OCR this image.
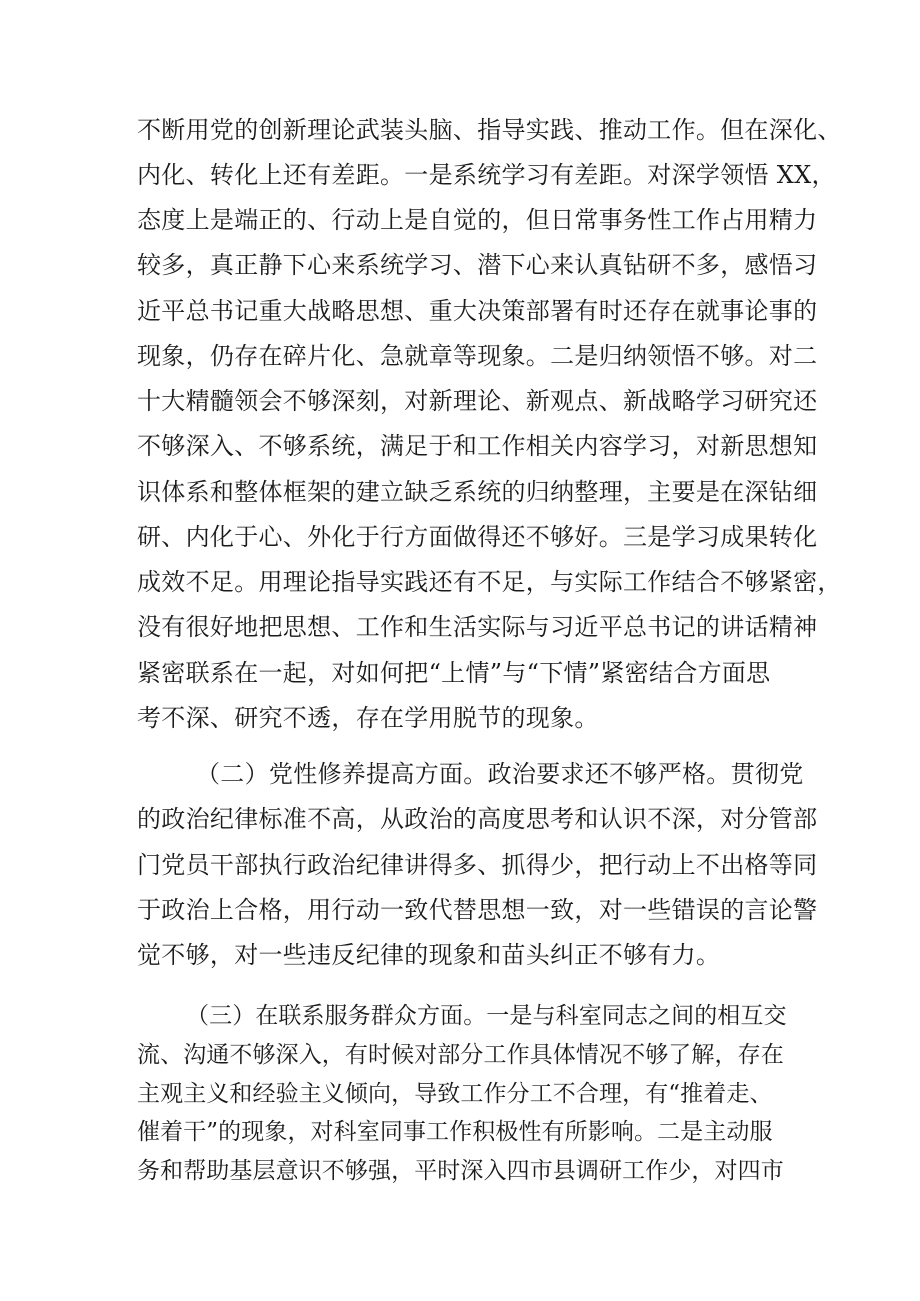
不断用党的创新理论武装头脑、指导实践、推动工作。但在深化、
内化、转化上还有差距。一是系统学习有差距。对深学领悟 XX，
态度上是端正的、行动上是自觉的，但日常事务性工作占用精力
较多，真正静下心来系统学习、潜下心来认真钻研不多，感悟习
近平总书记重大战略思想、重大决策部署有时还存在就事论事的
现象，仍存在碎片化、急就章等现象。二是归纳领悟不够。对二
十大精髓领会不够深刻，对新理论、新观点、新战略学习研究还
不够深入、不够系统，满足于和工作相关内容学习，对新思想知
识体系和整体框架的建立缺乏系统的归纳整理，主要是在深钻细
研、内化于心、外化于行方面做得还不够好。三是学习成果转化
成效不足。用理论指导实践还有不足，与实际工作结合不够紧密，
没有很好地把思想、工作和生活实际与习近平总书记的讲话精神
紧密联系在一起，对如何把“上情”与“下情”紧密结合方面思
考不深、研究不透，存在学用脱节的现象。
（二）党性修养提高方面。政治要求还不够严格。贯彻党
的政治纪律标准不高，从政治的高度思考和认识不深，对分管部
门党员干部执行政治纪律讲得多、抓得少，把行动上不出格等同
于政治上合格，用行动一致代替思想一致，对一些错误的言论警
觉不够，对一些违反纪律的现象和苗头纠正不够有力。
（三）在联系服务群众方面。一是与科室同志之间的相互交
流、沟通不够深入，有时候对部分工作具体情况不够了解，存在
主观主义和经验主义倾向，导致工作分工不合理，有“推着走、
催着干”的现象，对科室同事工作积极性有所影响。二是主动服
务和帮助基层意识不够强，平时深入四市县调研工作少，对四市
